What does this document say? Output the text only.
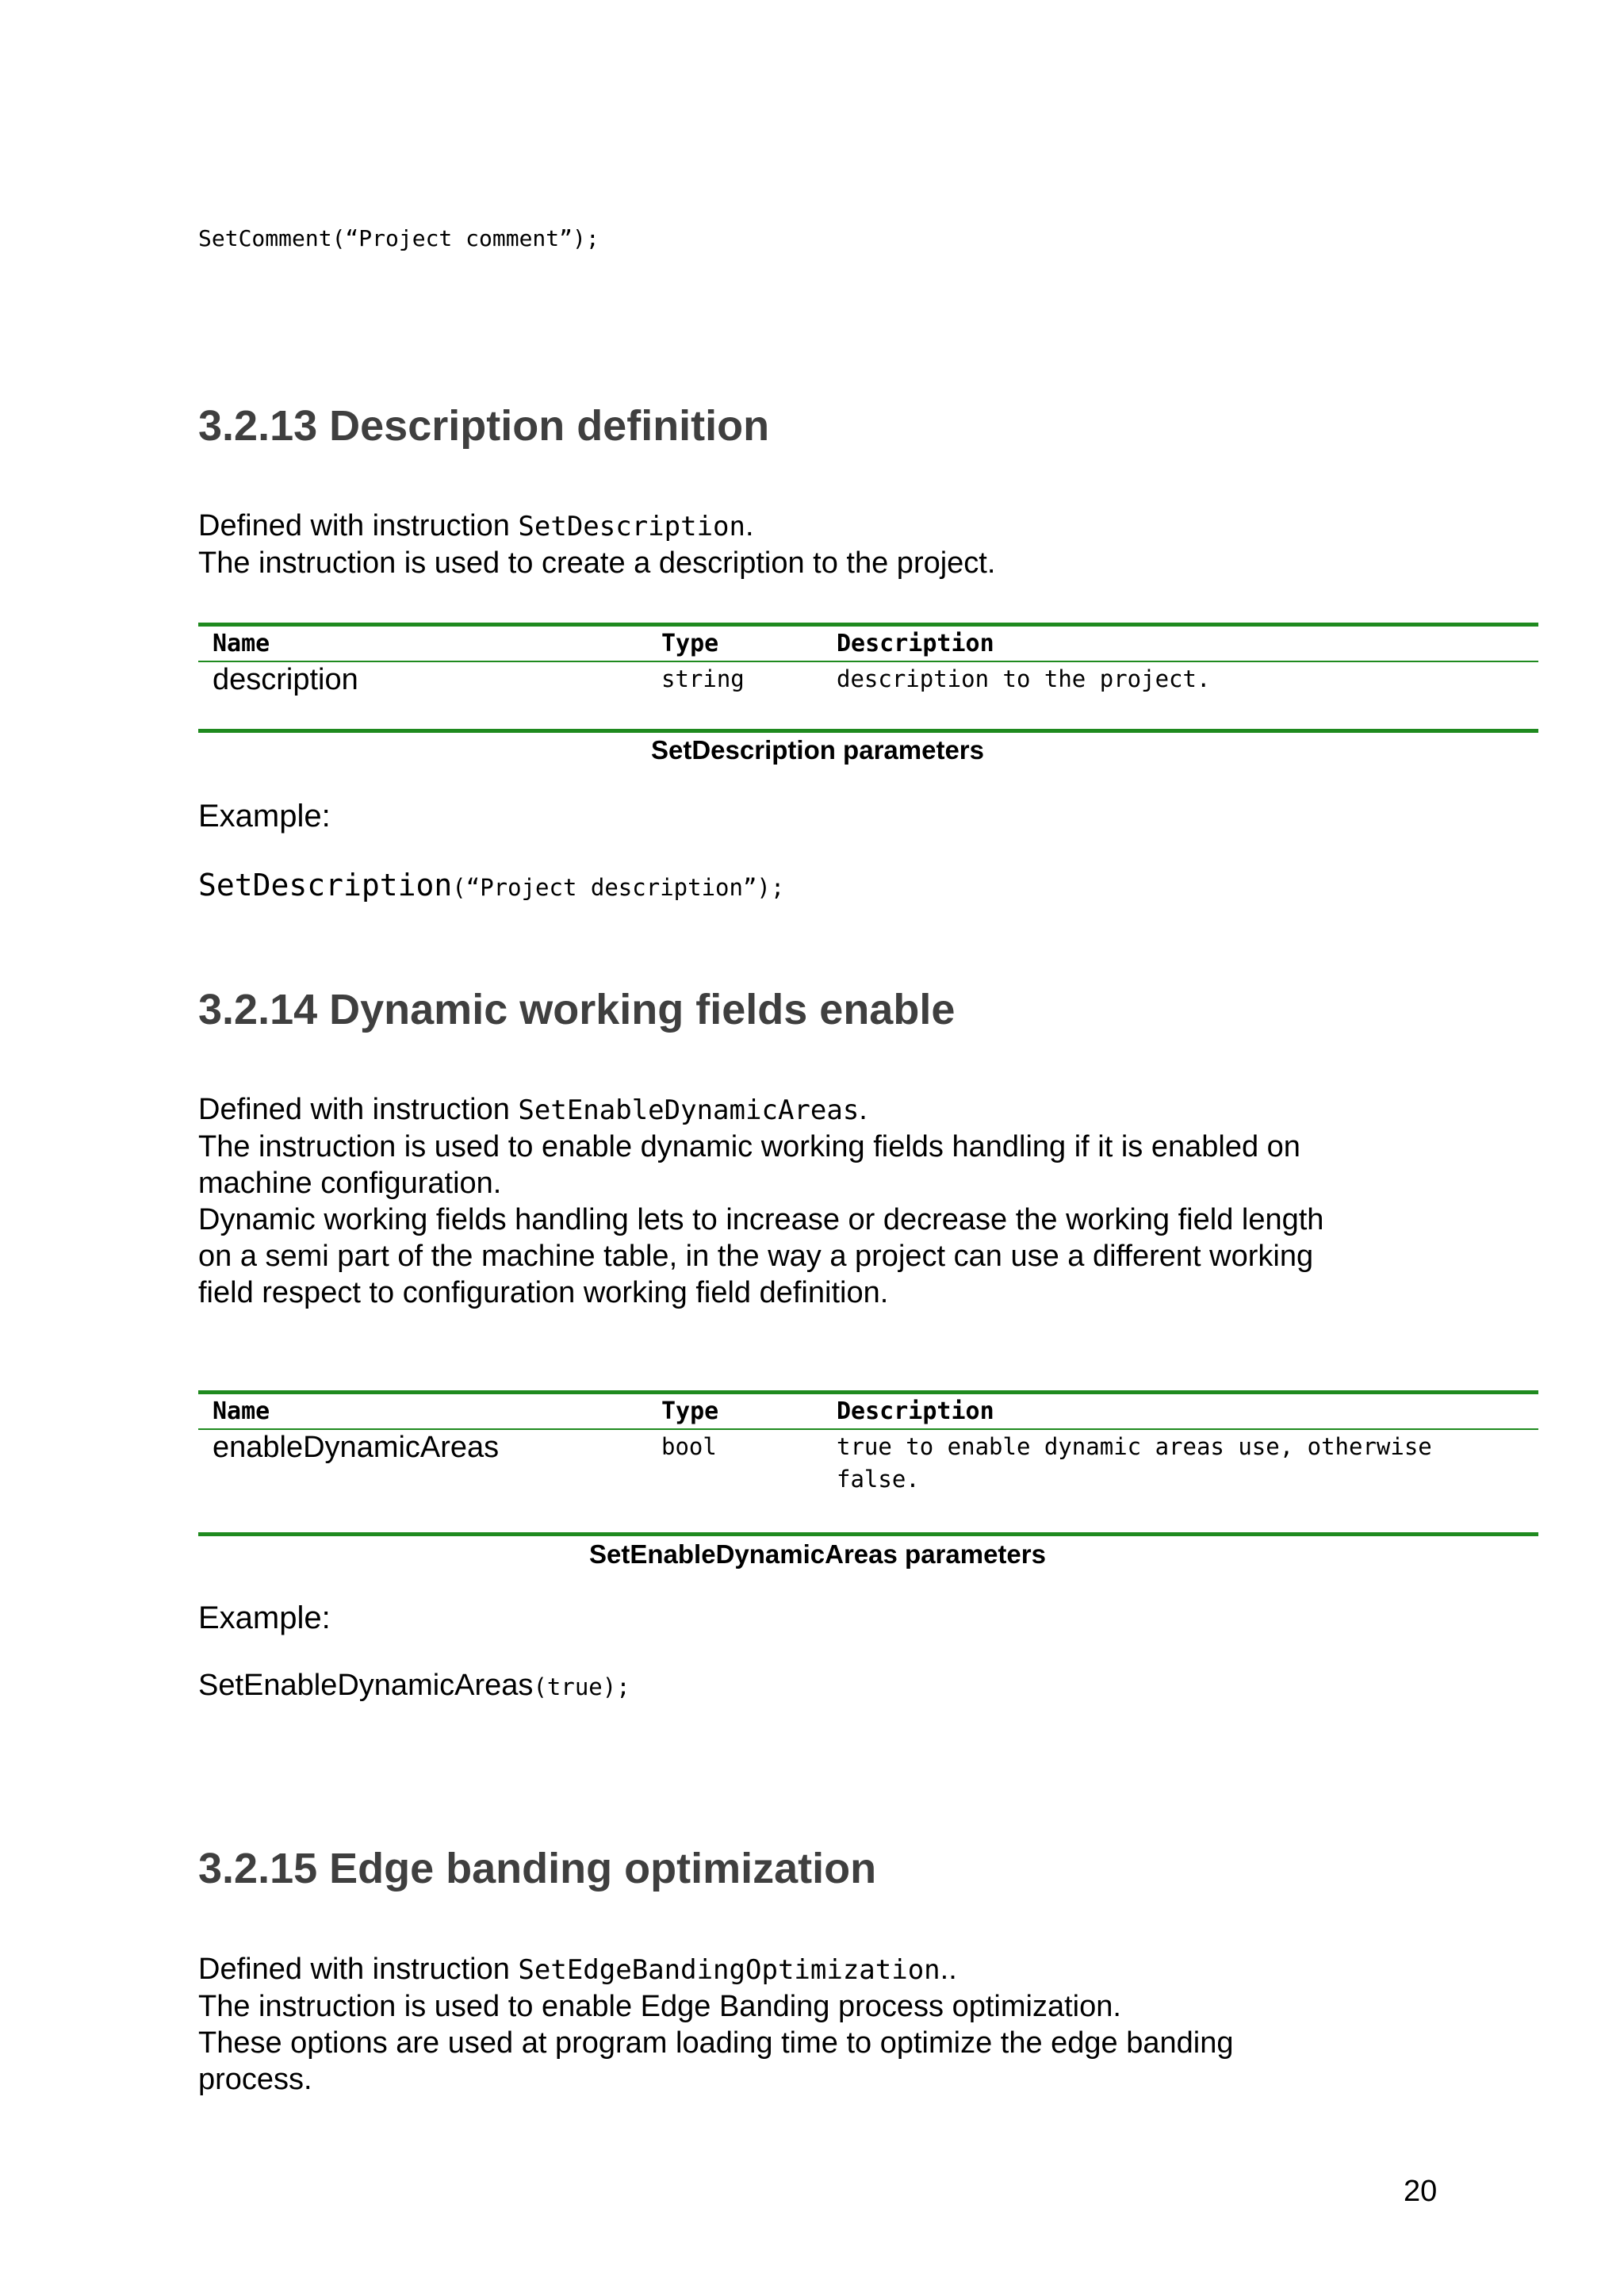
SetComment(“Project comment”);
3.2.13 Description definition

Defined with instruction SetDescription.

The instruction is used to create a description to the project.

Name	Type	Description
description	string	description to the project.
SetDescription parameters
Example:
SetDescription(“Project description”);
3.2.14 Dynamic working fields enable

Defined with instruction SetEnableDynamicAreas.

The instruction is used to enable dynamic working fields handling if it is enabled on

machine configuration.

Dynamic working fields handling lets to increase or decrease the working field length

on a semi part of the machine table, in the way a project can use a different working

field respect to configuration working field definition.

Name	Type	Description
enableDynamicAreas	bool	true to enable dynamic areas use, otherwise
false.
SetEnableDynamicAreas parameters
Example:
SetEnableDynamicAreas(true);
3.2.15 Edge banding optimization

Defined with instruction SetEdgeBandingOptimization..

The instruction is used to enable Edge Banding process optimization.

These options are used at program loading time to optimize the edge banding

process.

20
